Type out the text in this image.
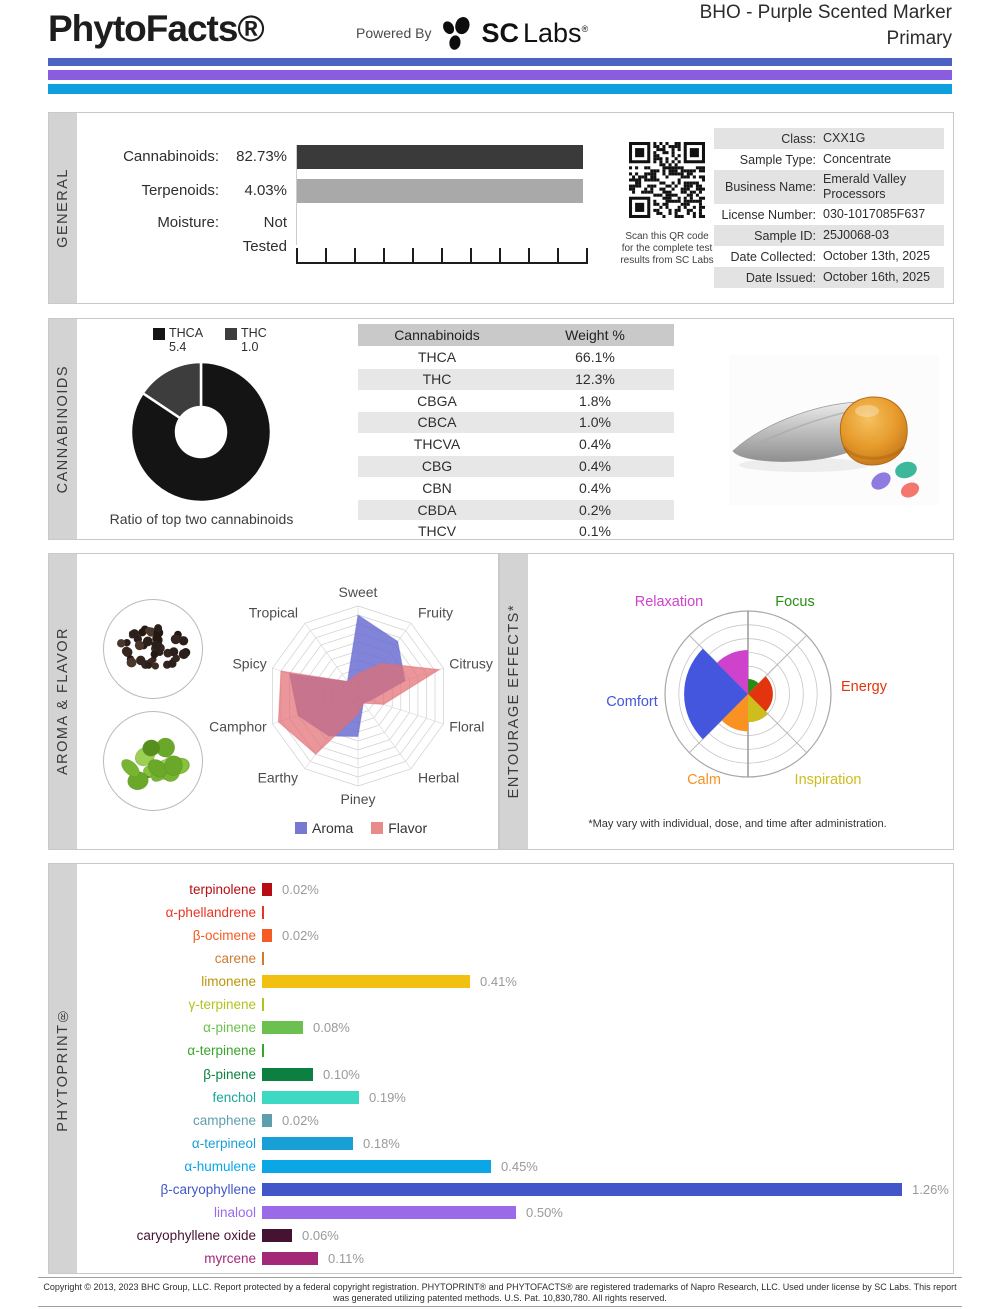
PhytoFacts®	Powered By SC Labs®
BHO - Purple Scented Marker
Primary
GENERAL
Cannabinoids:	82.73%
Terpenoids:	4.03%
Moisture:	Not Tested
Scan this QR code
for the complete test
results from SC Labs
Class: CXX1G
Sample Type: Concentrate
Business Name:
Emerald Valley Processors
License Number: 030-1017085F637
Sample ID: 25J0068-03
Date Collected: October 13th, 2025
Date Issued: October 16th, 2025
CANNABINOIDS
THCA
5.4
THC
1.0
Ratio of top two cannabinoids
Cannabinoids	Weight %
THCA	66.1%
THC	12.3%
CBGA	1.8%
CBCA	1.0%
THCVA	0.4%
CBG	0.4%
CBN	0.4%
CBDA	0.2%
THCV	0.1%
AROMA & FLAVOR
Sweet
Fruity
Citrusy
Floral
Herbal
Piney
Earthy
Camphor
Spicy
Tropical
Aroma	Flavor
ENTOURAGE EFFECTS*
Focus
Energy
Inspiration
Calm
Comfort
Relaxation
*May vary with individual, dose, and time after administration.
PHYTOPRINT®
terpinolene 0.02%
α-phellandrene
β-ocimene 0.02%
carene
limonene	0.41%
γ-terpinene
α-pinene	0.08%
α-terpinene
β-pinene	0.10%
fenchol	0.19%
camphene 0.02%
α-terpineol	0.18%
α-humulene	0.45%
β-caryophyllene	1.26%
linalool	0.50%
caryophyllene oxide	0.06%
myrcene	0.11%
Copyright © 2013, 2023 BHC Group, LLC. Report protected by a federal copyright registration. PHYTOPRINT® and PHYTOFACTS® are registered trademarks of Napro Research, LLC. Used under license by SC Labs. This report
was generated utilizing patented methods. U.S. Pat. 10,830,780. All rights reserved.
